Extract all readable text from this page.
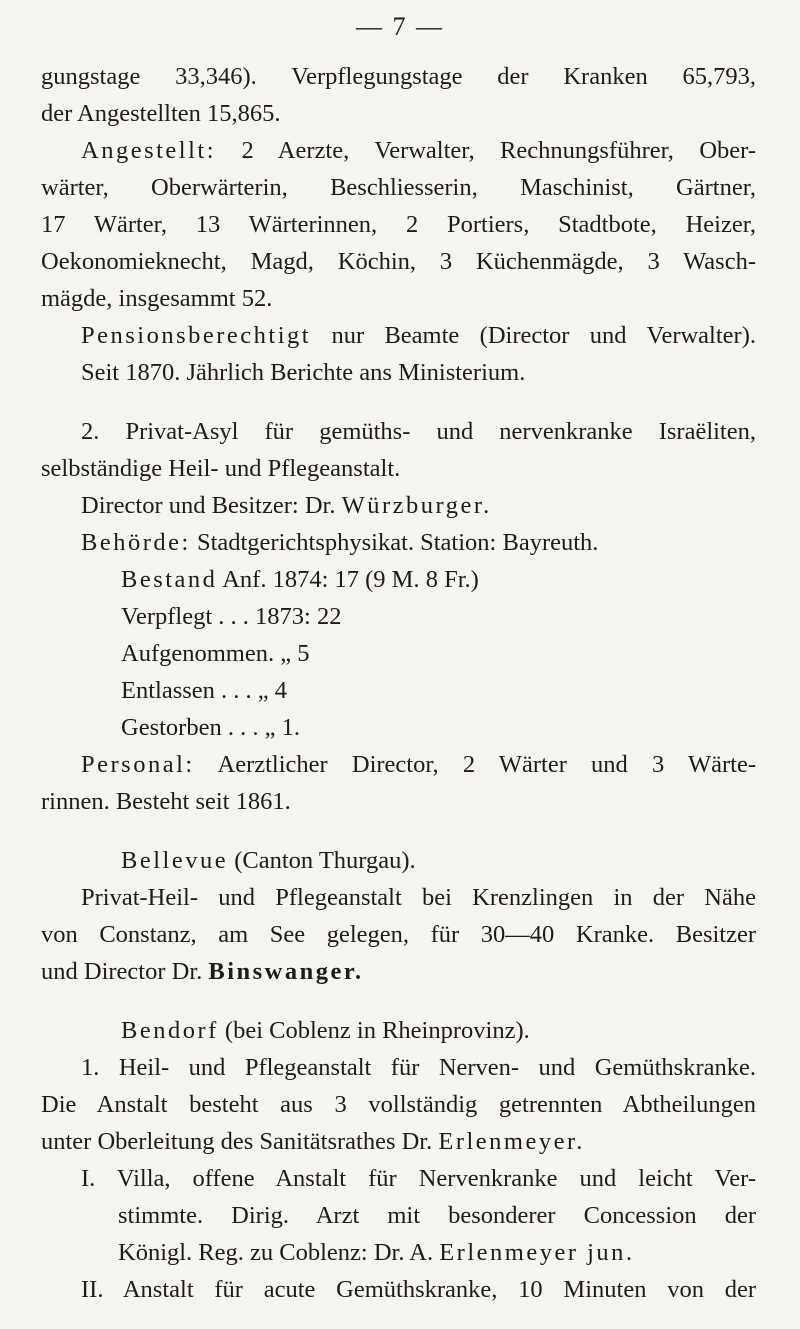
— 7 —
gungstage 33,346). Verpflegungstage der Kranken 65,793,
der Angestellten 15,865.
Angestellt: 2 Aerzte, Verwalter, Rechnungsführer, Ober-
wärter, Oberwärterin, Beschliesserin, Maschinist, Gärtner,
17 Wärter, 13 Wärterinnen, 2 Portiers, Stadtbote, Heizer,
Oekonomieknecht, Magd, Köchin, 3 Küchenmägde, 3 Wasch-
mägde, insgesammt 52.
Pensionsberechtigt nur Beamte (Director und Verwalter).
Seit 1870. Jährlich Berichte ans Ministerium.
2. Privat-Asyl für gemüths- und nervenkranke Israëliten,
selbständige Heil- und Pflegeanstalt.
Director und Besitzer: Dr. Würzburger.
Behörde: Stadtgerichtsphysikat. Station: Bayreuth.
Bestand Anf. 1874: 17 (9 M. 8 Fr.)
Verpflegt . . . 1873: 22
Aufgenommen. „ 5
Entlassen . . . „ 4
Gestorben . . . „ 1.
Personal: Aerztlicher Director, 2 Wärter und 3 Wärte-
rinnen. Besteht seit 1861.
Bellevue (Canton Thurgau).
Privat-Heil- und Pflegeanstalt bei Krenzlingen in der Nähe
von Constanz, am See gelegen, für 30—40 Kranke. Besitzer
und Director Dr. Binswanger.
Bendorf (bei Coblenz in Rheinprovinz).
1. Heil- und Pflegeanstalt für Nerven- und Gemüthskranke.
Die Anstalt besteht aus 3 vollständig getrennten Abtheilungen
unter Oberleitung des Sanitätsrathes Dr. Erlenmeyer.
I. Villa, offene Anstalt für Nervenkranke und leicht Ver-
stimmte. Dirig. Arzt mit besonderer Concession der
Königl. Reg. zu Coblenz: Dr. A. Erlenmeyer jun.
II. Anstalt für acute Gemüthskranke, 10 Minuten von der
